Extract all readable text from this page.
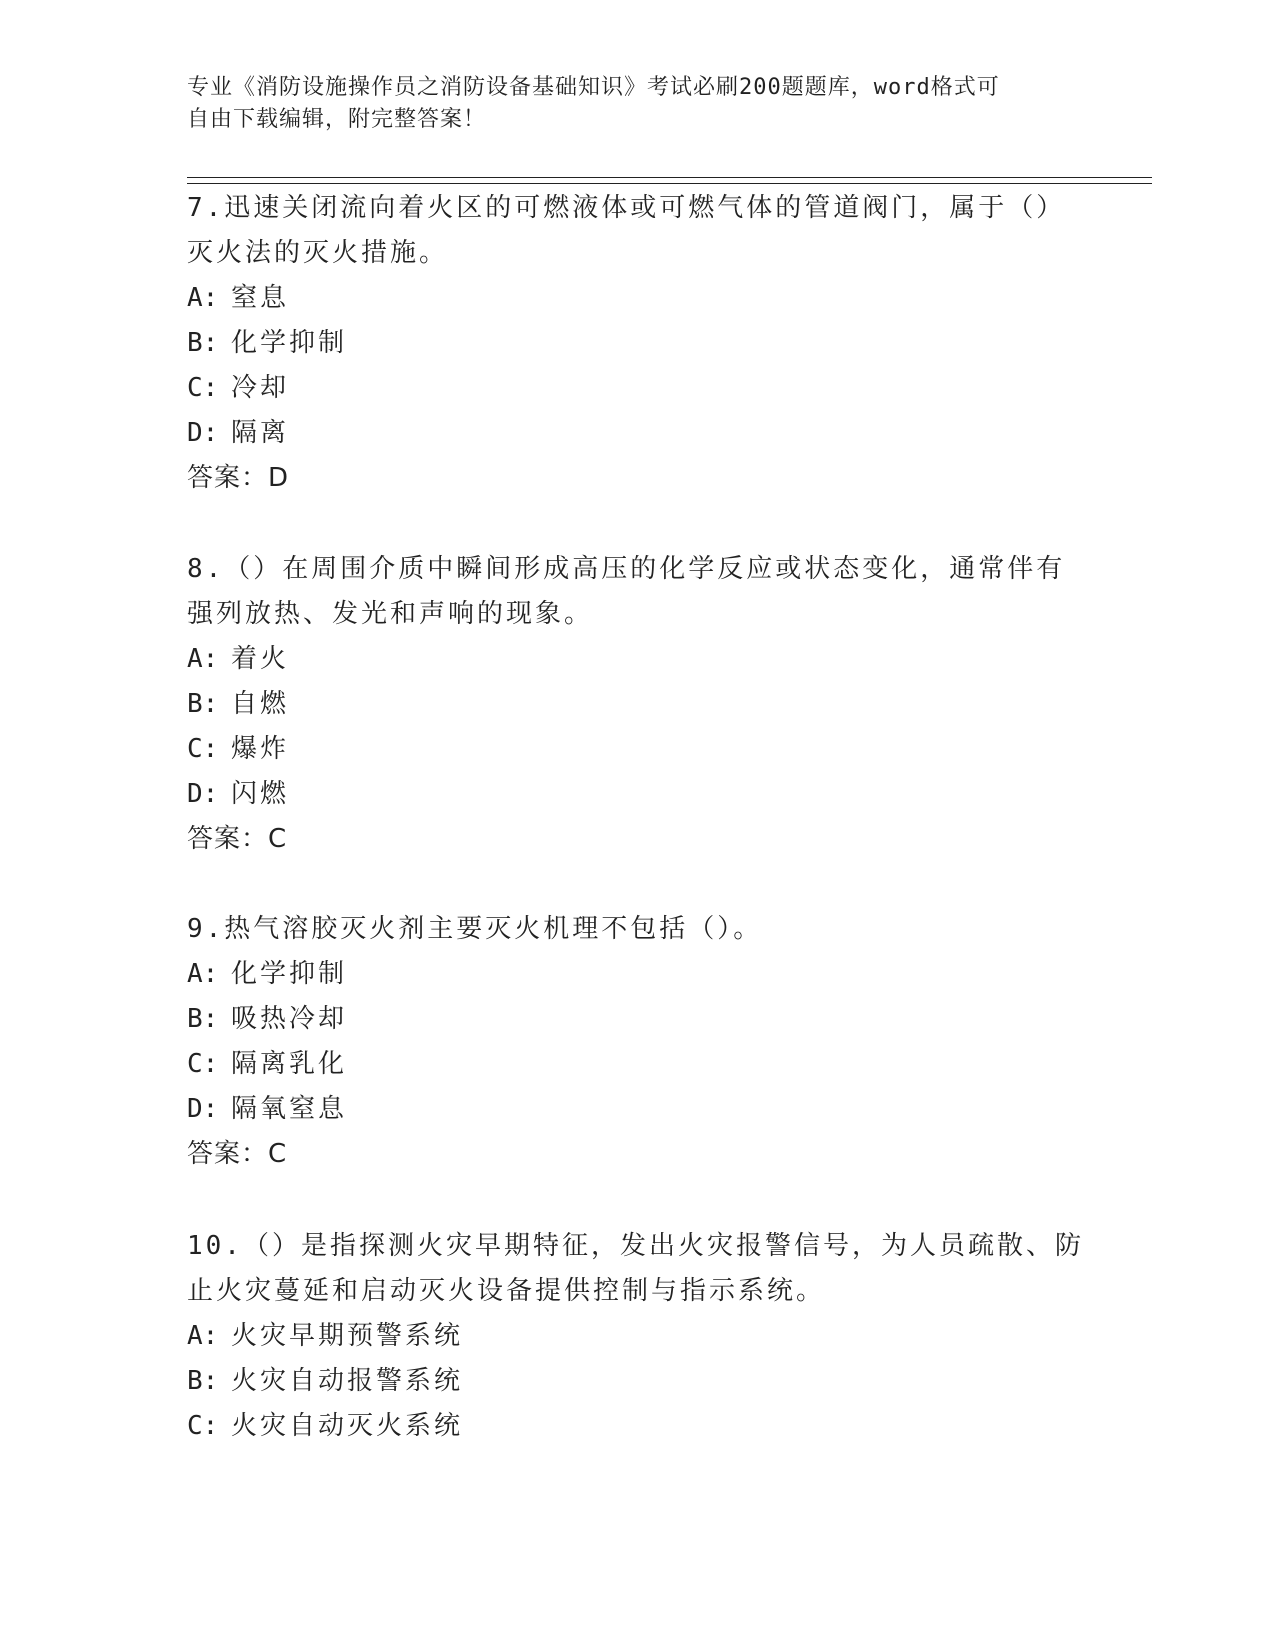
专业《消防设施操作员之消防设备基础知识》考试必刷200题题库，word格式可
自由下载编辑，附完整答案！
7.迅速关闭流向着火区的可燃液体或可燃气体的管道阀门，属于（）
灭火法的灭火措施。
A: 窒息
B: 化学抑制
C: 冷却
D: 隔离
答案：D
8.（）在周围介质中瞬间形成高压的化学反应或状态变化，通常伴有
强列放热、发光和声响的现象。
A: 着火
B: 自燃
C: 爆炸
D: 闪燃
答案：C
9.热气溶胶灭火剂主要灭火机理不包括（）。
A: 化学抑制
B: 吸热冷却
C: 隔离乳化
D: 隔氧窒息
答案：C
10.（）是指探测火灾早期特征，发出火灾报警信号，为人员疏散、防
止火灾蔓延和启动灭火设备提供控制与指示系统。
A: 火灾早期预警系统
B: 火灾自动报警系统
C: 火灾自动灭火系统
